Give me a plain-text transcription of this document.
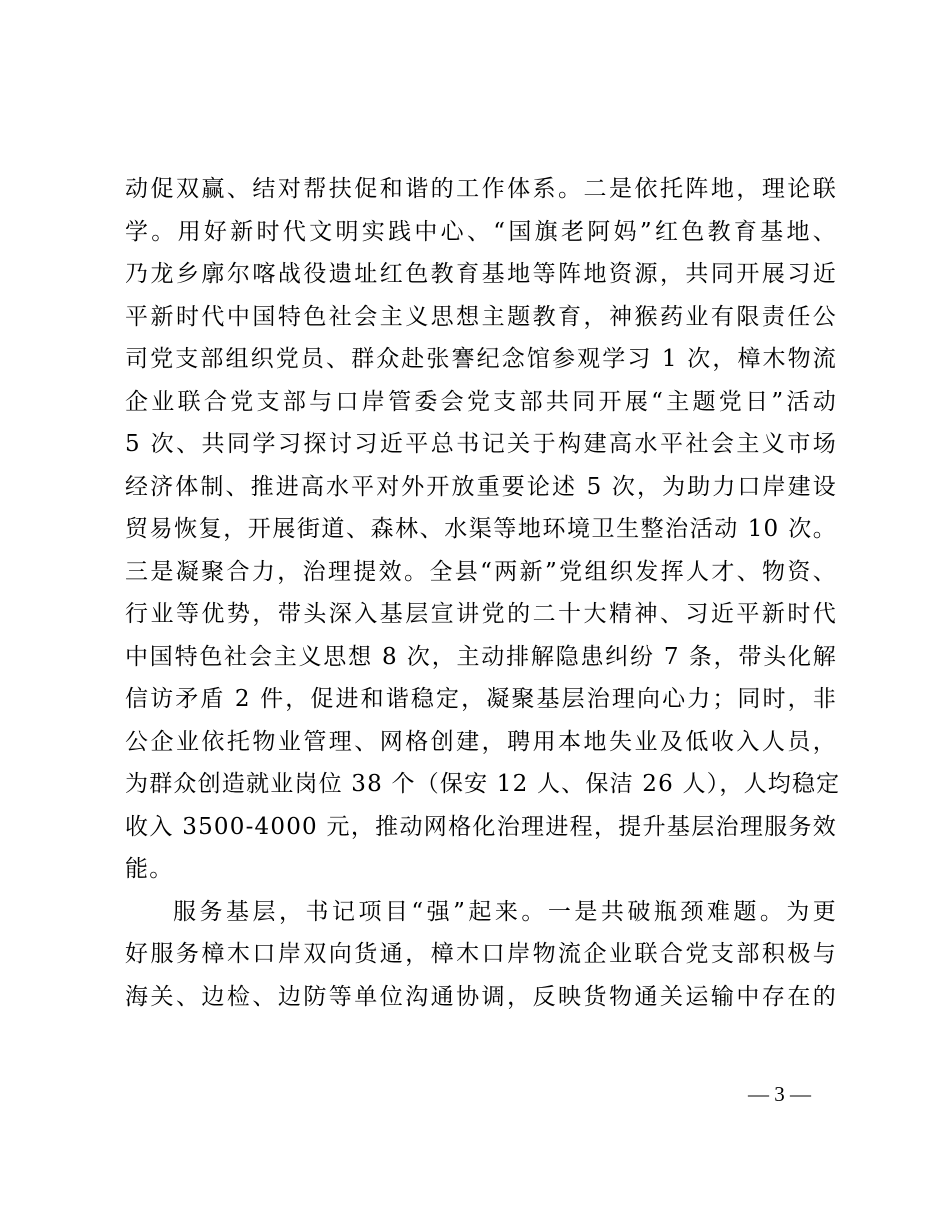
动促双赢、结对帮扶促和谐的工作体系。二是依托阵地，理论联
学。用好新时代文明实践中心、“国旗老阿妈”红色教育基地、
乃龙乡廓尔喀战役遗址红色教育基地等阵地资源，共同开展习近
平新时代中国特色社会主义思想主题教育，神猴药业有限责任公
司党支部组织党员、群众赴张謇纪念馆参观学习 1 次，樟木物流
企业联合党支部与口岸管委会党支部共同开展“主题党日”活动
5 次、共同学习探讨习近平总书记关于构建高水平社会主义市场
经济体制、推进高水平对外开放重要论述 5 次，为助力口岸建设
贸易恢复，开展街道、森林、水渠等地环境卫生整治活动 10 次。
三是凝聚合力，治理提效。全县“两新”党组织发挥人才、物资、
行业等优势，带头深入基层宣讲党的二十大精神、习近平新时代
中国特色社会主义思想 8 次，主动排解隐患纠纷 7 条，带头化解
信访矛盾 2 件，促进和谐稳定，凝聚基层治理向心力；同时，非
公企业依托物业管理、网格创建，聘用本地失业及低收入人员，
为群众创造就业岗位 38 个（保安 12 人、保洁 26 人），人均稳定
收入 3500-4000 元，推动网格化治理进程，提升基层治理服务效
能。
服务基层，书记项目“强”起来。一是共破瓶颈难题。为更
好服务樟木口岸双向货通，樟木口岸物流企业联合党支部积极与
海关、边检、边防等单位沟通协调，反映货物通关运输中存在的
— 3 —
